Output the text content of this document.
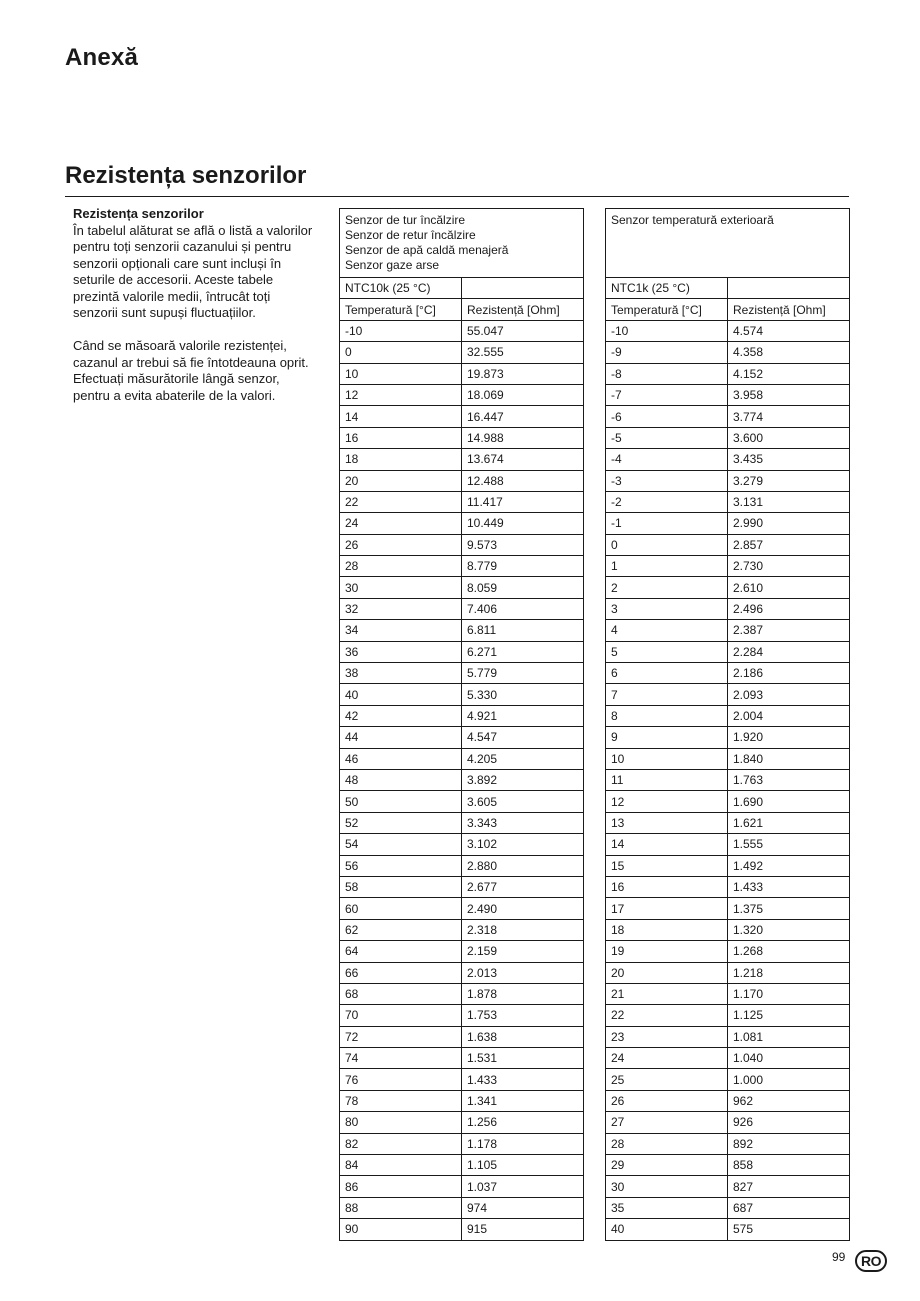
Anexă
Rezistența senzorilor

Rezistența senzorilor
În tabelul alăturat se află o listă a valorilor pentru toți senzorii cazanului și pentru senzorii opționali care sunt incluși în seturile de accesorii. Aceste tabele prezintă valorile medii, întrucât toți senzorii sunt supuși fluctuațiilor.

Când se măsoară valorile rezistenței, cazanul ar trebui să fie întotdeauna oprit. Efectuați măsurătorile lângă senzor, pentru a evita abaterile de la valori.

Senzor de tur încălzire
Senzor de retur încălzire
Senzor de apă caldă menajeră
Senzor gaze arse	

NTC10k (25 °C)	
Temperatură [°C]	Rezistență [Ohm]
-10	55.047
0	32.555
10	19.873
12	18.069
14	16.447
16	14.988
18	13.674
20	12.488
22	11.417
24	10.449
26	9.573
28	8.779
30	8.059
32	7.406
34	6.811
36	6.271
38	5.779
40	5.330
42	4.921
44	4.547
46	4.205
48	3.892
50	3.605
52	3.343
54	3.102
56	2.880
58	2.677
60	2.490
62	2.318
64	2.159
66	2.013
68	1.878
70	1.753
72	1.638
74	1.531
76	1.433
78	1.341
80	1.256
82	1.178
84	1.105
86	1.037
88	974
90	915
Senzor temperatură exterioară	

NTC1k (25 °C)	
Temperatură [°C]	Rezistență [Ohm]
-10	4.574
-9	4.358
-8	4.152
-7	3.958
-6	3.774
-5	3.600
-4	3.435
-3	3.279
-2	3.131
-1	2.990
0	2.857
1	2.730
2	2.610
3	2.496
4	2.387
5	2.284
6	2.186
7	2.093
8	2.004
9	1.920
10	1.840
11	1.763
12	1.690
13	1.621
14	1.555
15	1.492
16	1.433
17	1.375
18	1.320
19	1.268
20	1.218
21	1.170
22	1.125
23	1.081
24	1.040
25	1.000
26	962
27	926
28	892
29	858
30	827
35	687
40	575
99	RO
